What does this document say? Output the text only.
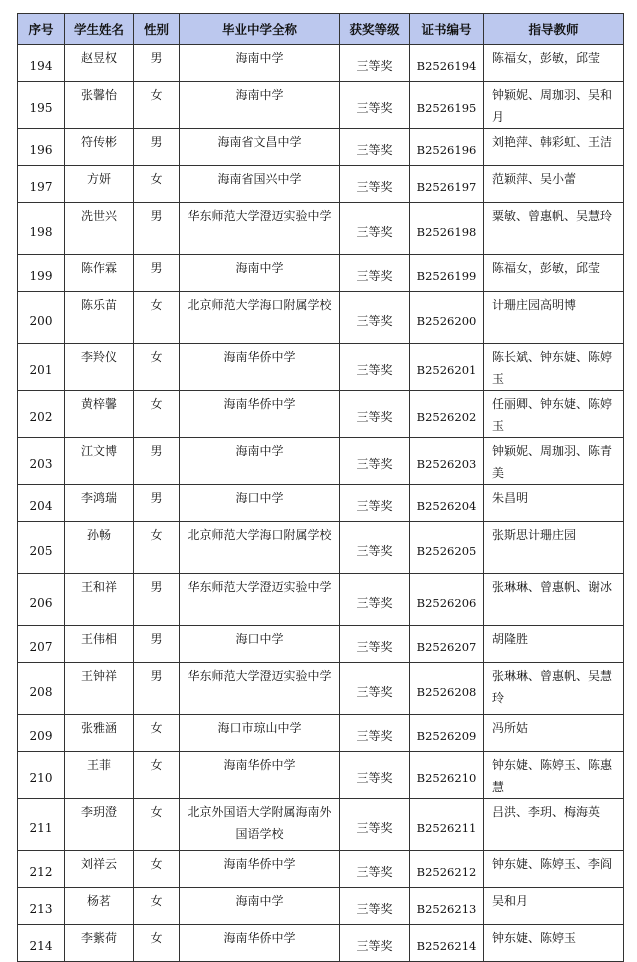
序号	学生姓名	性别	毕业中学全称	获奖等级	证书编号	指导教师
194	赵昱权	男	海南中学	三等奖	B2526194	陈福女，彭敏，邱莹
195	张馨怡	女	海南中学	三等奖	B2526195	钟颖妮、周珈羽、吴和月
196	符传彬	男	海南省文昌中学	三等奖	B2526196	刘艳萍、韩彩虹、王洁
197	方妍	女	海南省国兴中学	三等奖	B2526197	范颖萍、吴小蕾
198	冼世兴	男	华东师范大学澄迈实验中学	三等奖	B2526198	粟敏、曾惠帆、吴慧玲
199	陈作霖	男	海南中学	三等奖	B2526199	陈福女，彭敏，邱莹
200	陈乐苗	女	北京师范大学海口附属学校	三等奖	B2526200	计珊庄园高明博
201	李羚仪	女	海南华侨中学	三等奖	B2526201	陈长斌、钟东婕、陈婷玉
202	黄梓馨	女	海南华侨中学	三等奖	B2526202	任丽卿、钟东婕、陈婷玉
203	江文博	男	海南中学	三等奖	B2526203	钟颖妮、周珈羽、陈青美
204	李鸿瑞	男	海口中学	三等奖	B2526204	朱昌明
205	孙畅	女	北京师范大学海口附属学校	三等奖	B2526205	张斯思计珊庄园
206	王和祥	男	华东师范大学澄迈实验中学	三等奖	B2526206	张琳琳、曾惠帆、谢冰
207	王伟相	男	海口中学	三等奖	B2526207	胡隆胜
208	王钟祥	男	华东师范大学澄迈实验中学	三等奖	B2526208	张琳琳、曾惠帆、吴慧玲
209	张雅涵	女	海口市琼山中学	三等奖	B2526209	冯所姑
210	王菲	女	海南华侨中学	三等奖	B2526210	钟东婕、陈婷玉、陈惠慧
211	李玥澄	女	北京外国语大学附属海南外国语学校	三等奖	B2526211	吕洪、李玥、梅海英
212	刘祥云	女	海南华侨中学	三等奖	B2526212	钟东婕、陈婷玉、李阎
213	杨茗	女	海南中学	三等奖	B2526213	吴和月
214	李紫荷	女	海南华侨中学	三等奖	B2526214	钟东婕、陈婷玉
